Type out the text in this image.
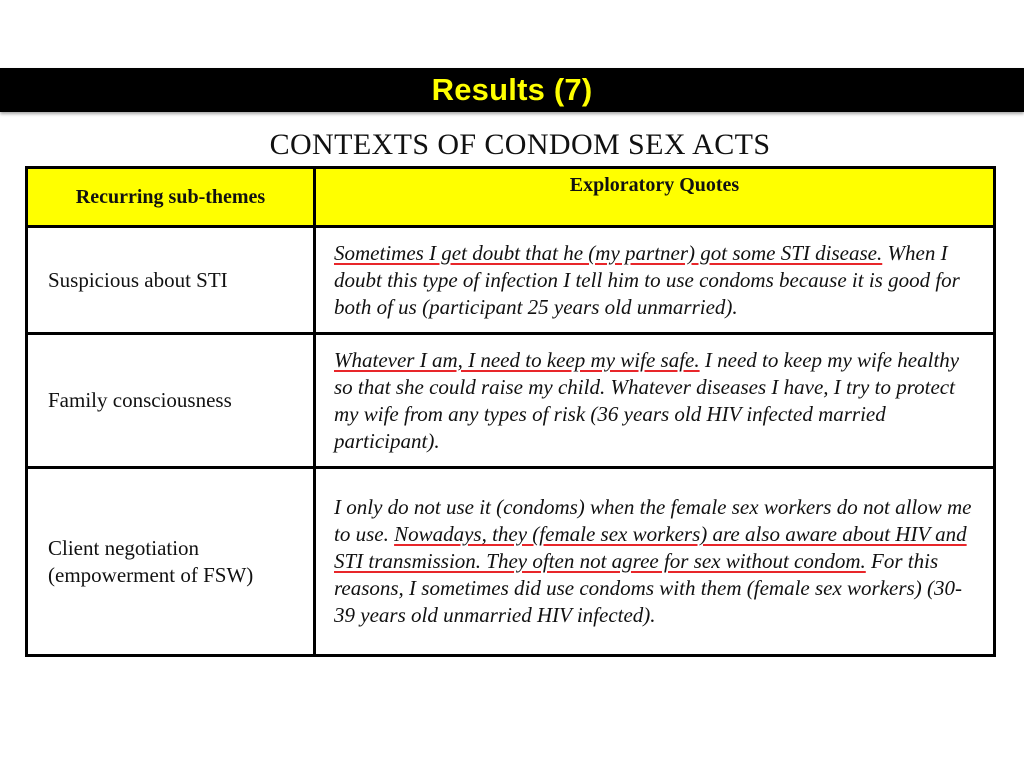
Results (7)
CONTEXTS OF CONDOM SEX ACTS
Recurring sub-themes	Exploratory Quotes
Suspicious about STI	Sometimes I get doubt that he (my partner) got some STI disease. When I doubt this type of infection I tell him to use condoms because it is good for both of us (participant 25 years old unmarried).
Family consciousness	Whatever I am, I need to keep my wife safe. I need to keep my wife healthy so that she could raise my child. Whatever diseases I have, I try to protect my wife from any types of risk (36 years old HIV infected married participant).
Client negotiation (empowerment of FSW)	I only do not use it (condoms) when the female sex workers do not allow me to use. Nowadays, they (female sex workers) are also aware about HIV and STI transmission. They often not agree for sex without condom. For this reasons, I sometimes did use condoms with them (female sex workers) (30-39 years old unmarried HIV infected).
